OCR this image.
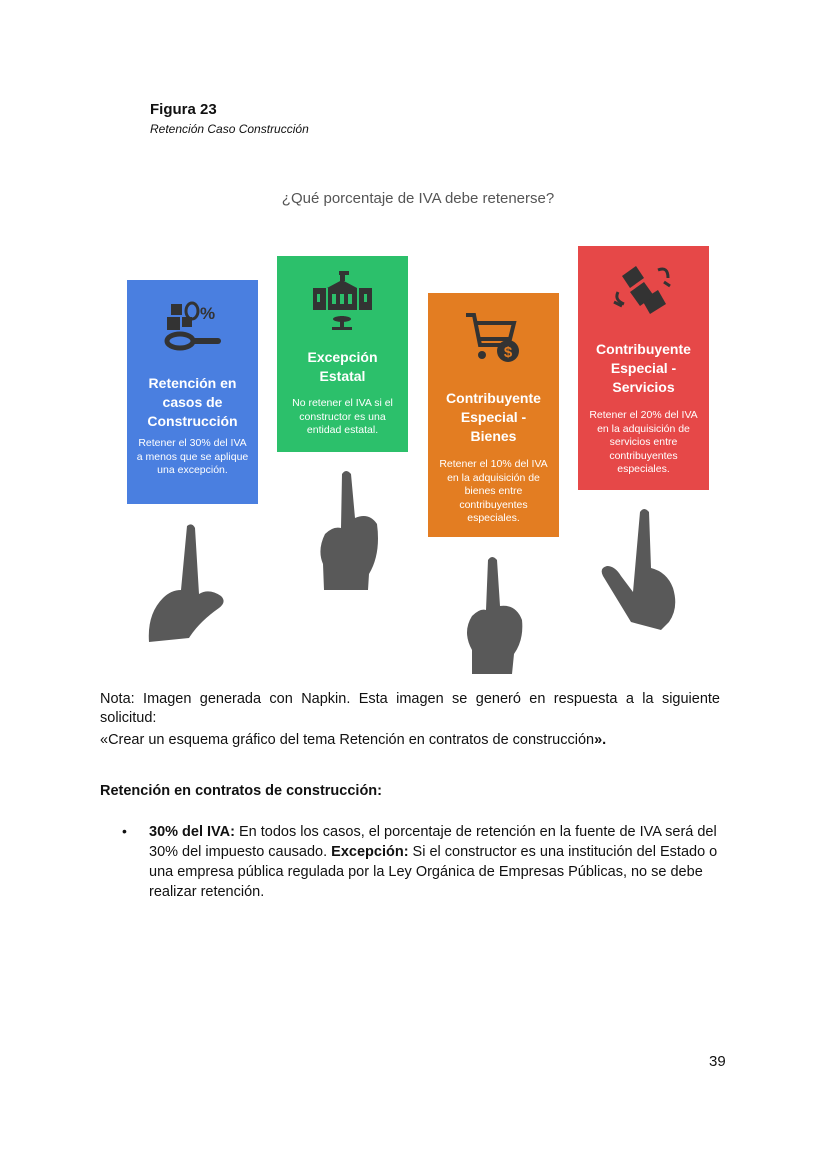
Figura 23
Retención Caso Construcción
¿Qué porcentaje de IVA debe retenerse?
%
Retención en
casos de
Construcción
Retener el 30% del IVA a menos que se aplique una excepción.
Excepción
Estatal
No retener el IVA si el constructor es una entidad estatal.
$
Contribuyente
Especial -
Bienes
Retener el 10% del IVA en la adquisición de bienes entre contribuyentes especiales.
Contribuyente
Especial -
Servicios
Retener el 20% del IVA en la adquisición de servicios entre contribuyentes especiales.
Nota: Imagen generada con Napkin. Esta imagen se generó en respuesta a la siguiente solicitud:
«Crear un esquema gráfico del tema Retención en contratos de construcción».
Retención en contratos de construcción:
• 30% del IVA: En todos los casos, el porcentaje de retención en la fuente de IVA será del 30% del impuesto causado. Excepción: Si el constructor es una institución del Estado o una empresa pública regulada por la Ley Orgánica de Empresas Públicas, no se debe realizar retención.
39
